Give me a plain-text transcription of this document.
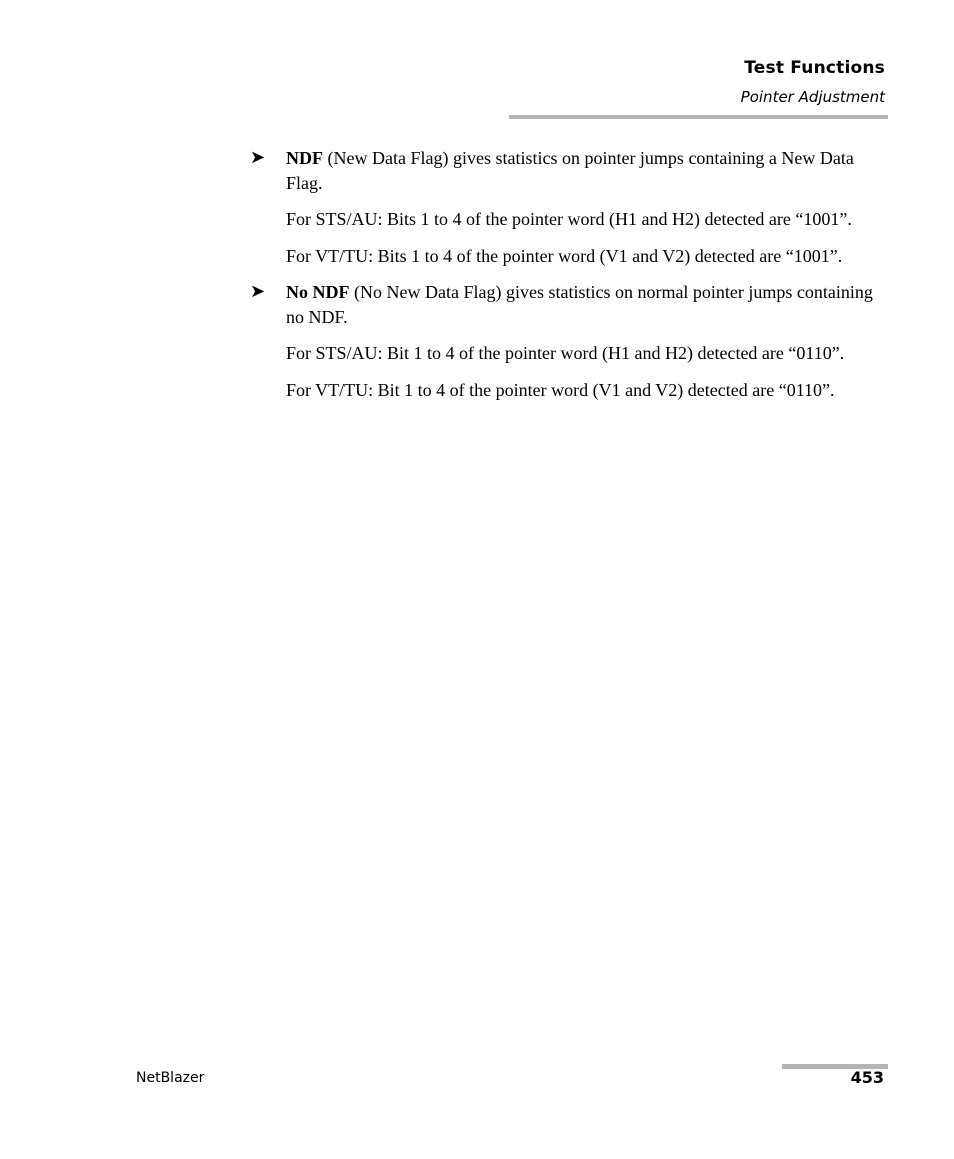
Test Functions
Pointer Adjustment

➤ NDF (New Data Flag) gives statistics on pointer jumps containing a New Data Flag.

For STS/AU: Bits 1 to 4 of the pointer word (H1 and H2) detected are “1001”.

For VT/TU: Bits 1 to 4 of the pointer word (V1 and V2) detected are “1001”.

➤ No NDF (No New Data Flag) gives statistics on normal pointer jumps containing no NDF.

For STS/AU: Bit 1 to 4 of the pointer word (H1 and H2) detected are “0110”.

For VT/TU: Bit 1 to 4 of the pointer word (V1 and V2) detected are “0110”.

NetBlazer	453
